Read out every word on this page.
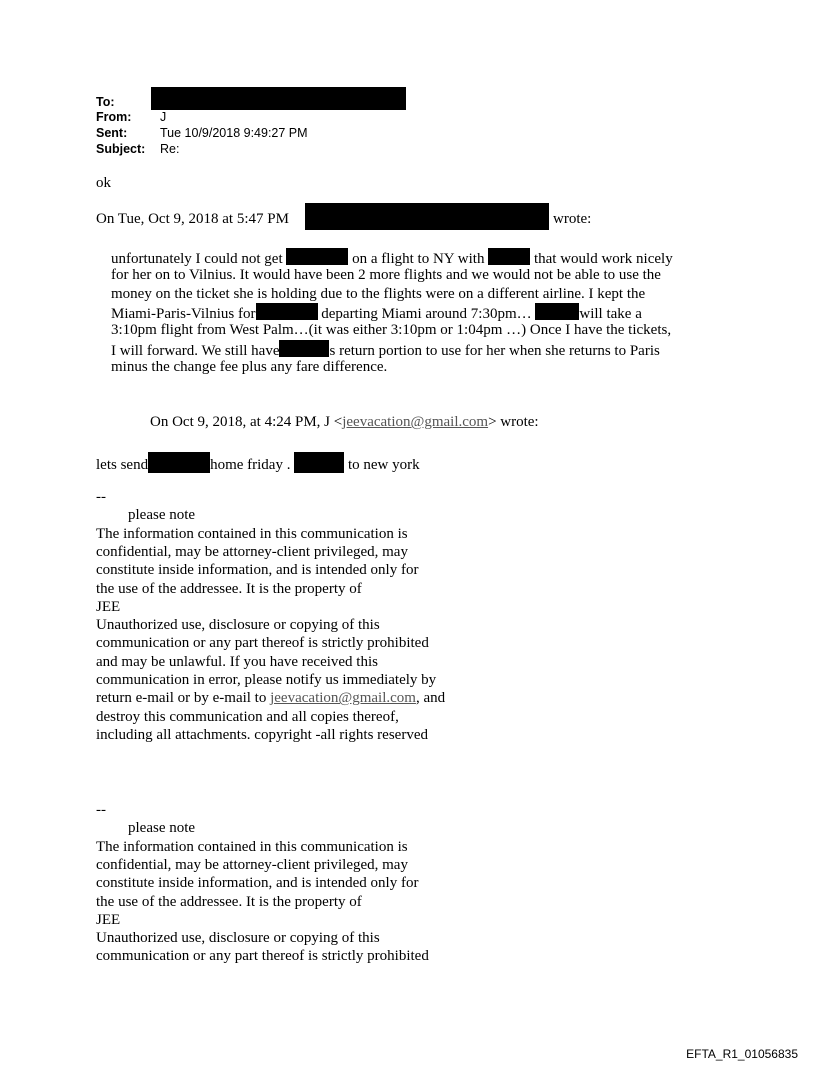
To:
From: J
Sent:	Tue 10/9/2018 9:49:27 PM
Subject: Re:
ok
On Tue, Oct 9, 2018 at 5:47 PM	wrote:
unfortunately I could not get	on a flight to NY with	that would work nicely
for her on to Vilnius. It would have been 2 more flights and we would not be able to use the
money on the ticket she is holding due to the flights were on a different airline. I kept the
Miami-Paris-Vilnius for	departing Miami around 7:30pm…	will take a
3:10pm flight from West Palm…(it was either 3:10pm or 1:04pm …) Once I have the tickets,
I will forward. We still have	s return portion to use for her when she returns to Paris
minus the change fee plus any fare difference.
On Oct 9, 2018, at 4:24 PM, J <jeevacation@gmail.com> wrote:
lets send	home friday .	to new york
--
please note
The information contained in this communication is
confidential, may be attorney-client privileged, may
constitute inside information, and is intended only for
the use of the addressee. It is the property of
JEE
Unauthorized use, disclosure or copying of this
communication or any part thereof is strictly prohibited
and may be unlawful. If you have received this
communication in error, please notify us immediately by
return e-mail or by e-mail to jeevacation@gmail.com, and
destroy this communication and all copies thereof,
including all attachments. copyright -all rights reserved
--
please note
The information contained in this communication is
confidential, may be attorney-client privileged, may
constitute inside information, and is intended only for
the use of the addressee. It is the property of
JEE
Unauthorized use, disclosure or copying of this
communication or any part thereof is strictly prohibited
EFTA_R1_01056835
